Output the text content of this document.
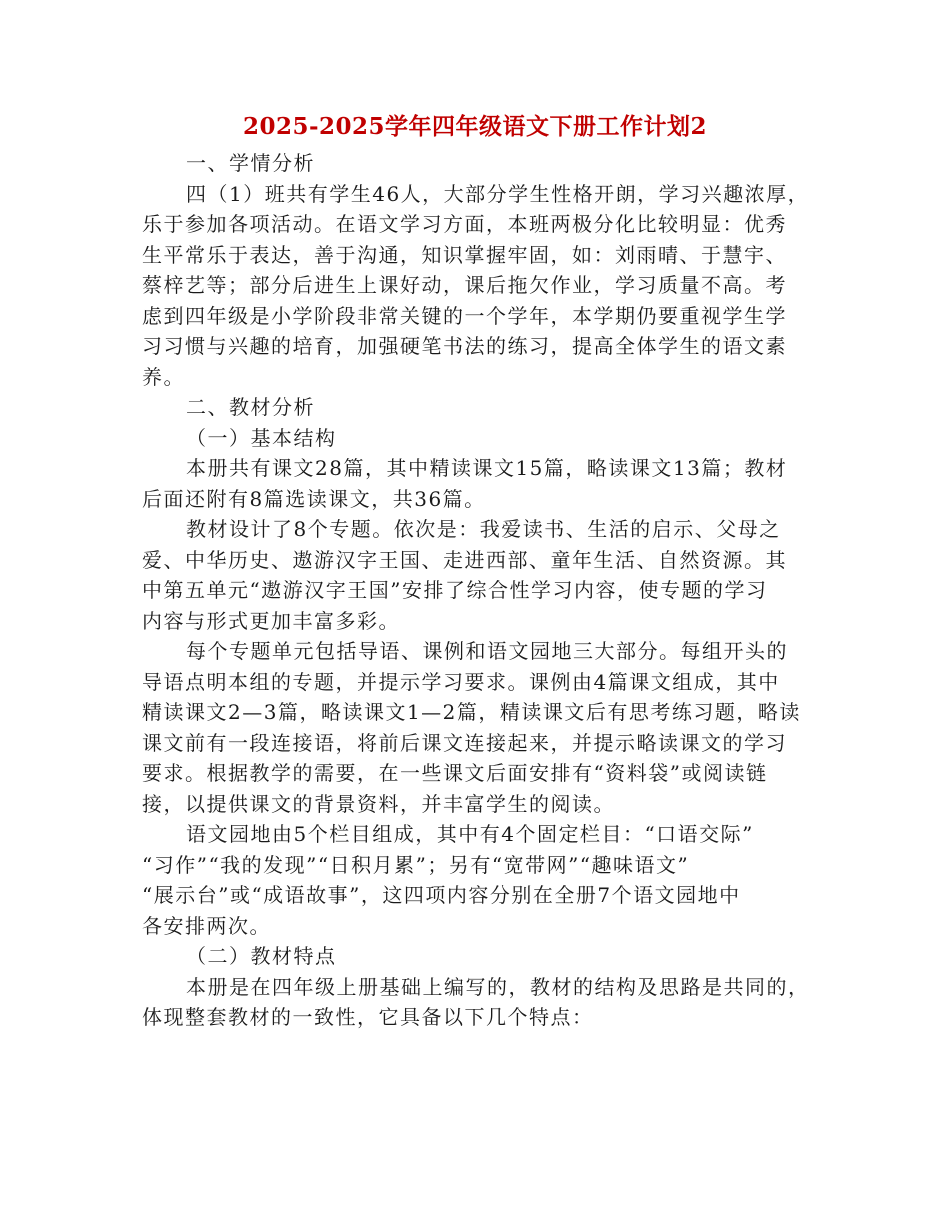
2025-2025学年四年级语文下册工作计划2
一、学情分析
四（1）班共有学生46人，大部分学生性格开朗，学习兴趣浓厚，
乐于参加各项活动。在语文学习方面，本班两极分化比较明显：优秀
生平常乐于表达，善于沟通，知识掌握牢固，如：刘雨晴、于慧宇、
蔡梓艺等；部分后进生上课好动，课后拖欠作业，学习质量不高。考
虑到四年级是小学阶段非常关键的一个学年，本学期仍要重视学生学
习习惯与兴趣的培育，加强硬笔书法的练习，提高全体学生的语文素
养。
二、教材分析
（一）基本结构
本册共有课文28篇，其中精读课文15篇，略读课文13篇；教材
后面还附有8篇选读课文，共36篇。
教材设计了8个专题。依次是：我爱读书、生活的启示、父母之
爱、中华历史、遨游汉字王国、走进西部、童年生活、自然资源。其
中第五单元“遨游汉字王国”安排了综合性学习内容，使专题的学习
内容与形式更加丰富多彩。
每个专题单元包括导语、课例和语文园地三大部分。每组开头的
导语点明本组的专题，并提示学习要求。课例由4篇课文组成，其中
精读课文2—3篇，略读课文1—2篇，精读课文后有思考练习题，略读
课文前有一段连接语，将前后课文连接起来，并提示略读课文的学习
要求。根据教学的需要，在一些课文后面安排有“资料袋”或阅读链
接，以提供课文的背景资料，并丰富学生的阅读。
语文园地由5个栏目组成，其中有4个固定栏目：“口语交际”
“习作”“我的发现”“日积月累”；另有“宽带网”“趣味语文”
“展示台”或“成语故事”，这四项内容分别在全册7个语文园地中
各安排两次。
（二）教材特点
本册是在四年级上册基础上编写的，教材的结构及思路是共同的，
体现整套教材的一致性，它具备以下几个特点：
